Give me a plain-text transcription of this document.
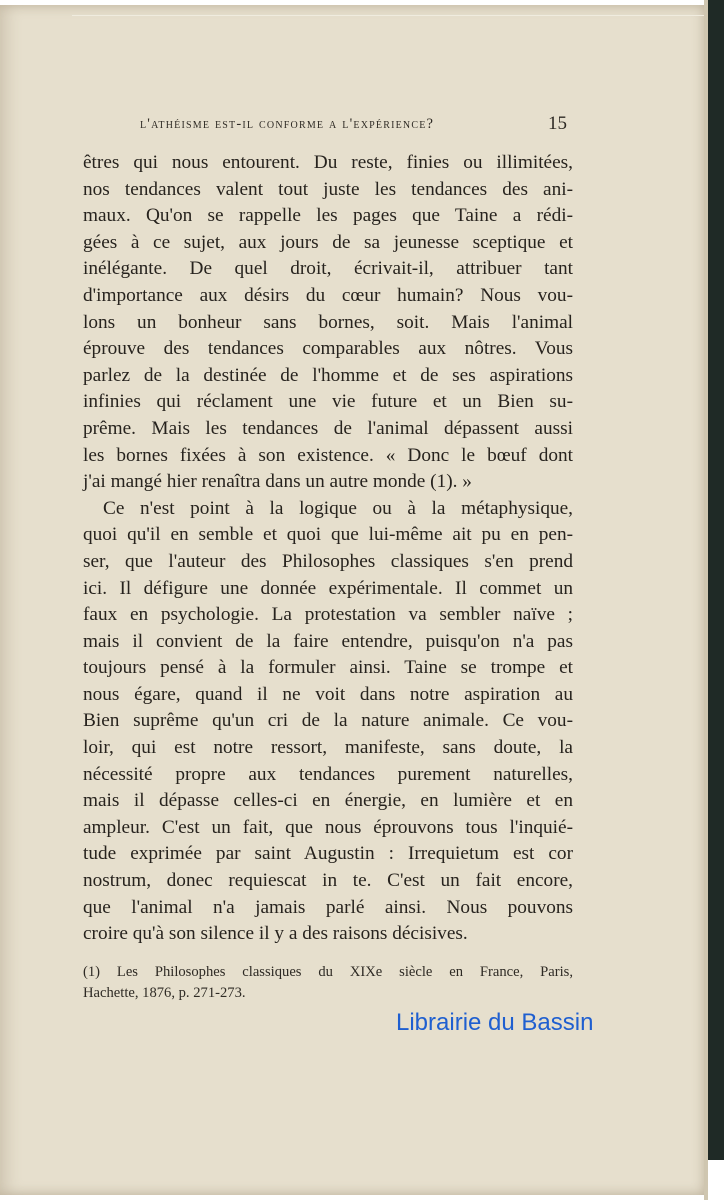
l'athéisme est-il conforme a l'expérience?	15
êtres qui nous entourent. Du reste, finies ou illimitées,
nos tendances valent tout juste les tendances des ani-
maux. Qu'on se rappelle les pages que Taine a rédi-
gées à ce sujet, aux jours de sa jeunesse sceptique et
inélégante. De quel droit, écrivait-il, attribuer tant
d'importance aux désirs du cœur humain? Nous vou-
lons un bonheur sans bornes, soit. Mais l'animal
éprouve des tendances comparables aux nôtres. Vous
parlez de la destinée de l'homme et de ses aspirations
infinies qui réclament une vie future et un Bien su-
prême. Mais les tendances de l'animal dépassent aussi
les bornes fixées à son existence. « Donc le bœuf dont
j'ai mangé hier renaîtra dans un autre monde (1). »
Ce n'est point à la logique ou à la métaphysique,
quoi qu'il en semble et quoi que lui-même ait pu en pen-
ser, que l'auteur des Philosophes classiques s'en prend
ici. Il défigure une donnée expérimentale. Il commet un
faux en psychologie. La protestation va sembler naïve ;
mais il convient de la faire entendre, puisqu'on n'a pas
toujours pensé à la formuler ainsi. Taine se trompe et
nous égare, quand il ne voit dans notre aspiration au
Bien suprême qu'un cri de la nature animale. Ce vou-
loir, qui est notre ressort, manifeste, sans doute, la
nécessité propre aux tendances purement naturelles,
mais il dépasse celles-ci en énergie, en lumière et en
ampleur. C'est un fait, que nous éprouvons tous l'inquié-
tude exprimée par saint Augustin : Irrequietum est cor
nostrum, donec requiescat in te. C'est un fait encore,
que l'animal n'a jamais parlé ainsi. Nous pouvons
croire qu'à son silence il y a des raisons décisives.
(1) Les Philosophes classiques du XIXe siècle en France, Paris,
Hachette, 1876, p. 271-273.
Librairie du Bassin
